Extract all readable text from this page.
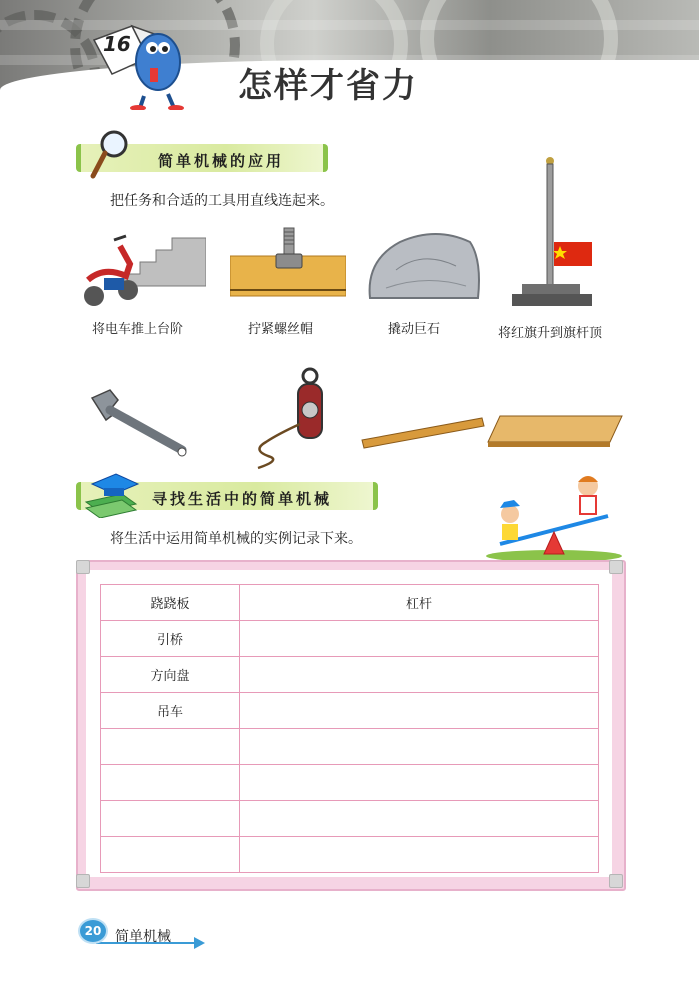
16
怎样才省力
简单机械的应用
把任务和合适的工具用直线连起来。
将电车推上台阶	拧紧螺丝帽	撬动巨石	将红旗升到旗杆顶
寻找生活中的简单机械
将生活中运用简单机械的实例记录下来。
跷跷板	杠杆
引桥	
方向盘	
吊车	

20 简单机械
